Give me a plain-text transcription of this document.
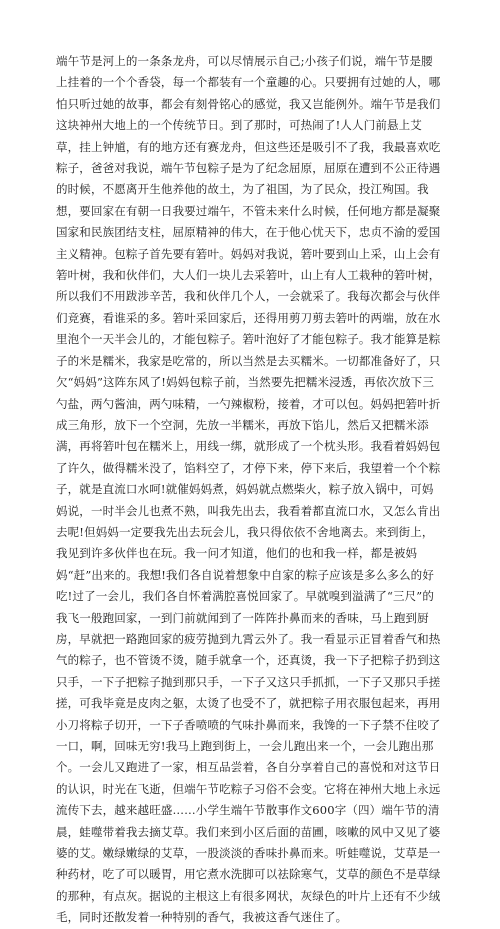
端午节是河上的一条条龙舟，可以尽情展示自己;小孩子们说，端午节是腰上挂着的一个个香袋，每一个都装有一个童趣的心。只要拥有过她的人，哪怕只听过她的故事，都会有刻骨铭心的感觉，我又岂能例外。端午节是我们这块神州大地上的一个传统节日。到了那时，可热闹了!人人门前悬上艾草，挂上钟馗，有的地方还有赛龙舟，但这些还是吸引不了我，我最喜欢吃粽子，爸爸对我说，端午节包粽子是为了纪念屈原，屈原在遭到不公正待遇的时候，不愿离开生他养他的故土，为了祖国，为了民众，投江殉国。我想，要回家在有朝一日我要过端午，不管未来什么时候，任何地方都是凝聚国家和民族团结支柱，屈原精神的伟大，在于他心忧天下，忠贞不渝的爱国主义精神。包粽子首先要有箬叶。妈妈对我说，箬叶要到山上采，山上会有箬叶树，我和伙伴们，大人们一块儿去采箬叶，山上有人工栽种的箬叶树，所以我们不用跋涉辛苦，我和伙伴几个人，一会就采了。我每次都会与伙伴们竞赛，看谁采的多。箬叶采回家后，还得用剪刀剪去箬叶的两端，放在水里泡个一天半会儿的，才能包粽子。箬叶泡好了才能包粽子。我才能算是粽子的米是糯米，我家是吃常的，所以当然是去买糯米。一切都准备好了，只欠“妈妈”这阵东风了!妈妈包粽子前，当然要先把糯米浸透，再依次放下三勺盐，两勺酱油，两勺味精，一勺辣椒粉，接着，才可以包。妈妈把箬叶折成三角形，放下一个空洞，先放一半糯米，再放下馅儿，然后又把糯米添满，再将箬叶包在糯米上，用线一绑，就形成了一个枕头形。我看着妈妈包了许久，做得糯米没了，馅料空了，才停下来，停下来后，我望着一个个粽子，就是直流口水呵!就催妈妈煮，妈妈就点燃柴火，粽子放入锅中，可妈妈说，一时半会儿也煮不熟，叫我先出去，我看着都直流口水，又怎么肯出去呢!但妈妈一定要我先出去玩会儿，我只得依依不舍地离去。来到街上，我见到许多伙伴也在玩。我一问才知道，他们的也和我一样，都是被妈妈“赶”出来的。我想!我们各自说着想象中自家的粽子应该是多么多么的好吃!过了一会儿，我们各自怀着满腔喜悦回家了。早就嗅到溢满了“三尺”的我飞一般跑回家，一到门前就闻到了一阵阵扑鼻而来的香味，马上跑到厨房，早就把一路跑回家的疲劳抛到九霄云外了。我一看显示正冒着香气和热气的粽子，也不管烫不烫，随手就拿一个，还真烫，我一下子把粽子扔到这只手，一下子把粽子抛到那只手，一下子又这只手抓抓，一下子又那只手搓搓，可我毕竟是皮肉之躯，太烫了也受不了，就把粽子用衣服包起来，再用小刀将粽子切开，一下子香喷喷的气味扑鼻而来，我馋的一下子禁不住咬了一口，啊，回味无穷!我马上跑到街上，一会儿跑出来一个，一会儿跑出那个。一会儿又跑进了一家，相互品尝着，各自分享着自己的喜悦和对这节日的认识，时光在飞逝，但端午节吃粽子习俗不会变。它将在神州大地上永远流传下去，越来越旺盛……小学生端午节散事作文600字（四）端午节的清晨，蛙噬带着我去摘艾草。我们来到小区后面的苗圃，咳嗽的风中又见了婆婆的艾。嫩绿嫩绿的艾草，一股淡淡的香味扑鼻而来。听蛙噬说，艾草是一种药材，吃了可以暖胃，用它煮水洗脚可以祛除寒气，艾草的颜色不是草绿的那种，有点灰。据说的主根这上有很多网状，灰绿色的叶片上还有不少绒毛，同时还散发着一种特别的香气，我被这香气迷住了。
